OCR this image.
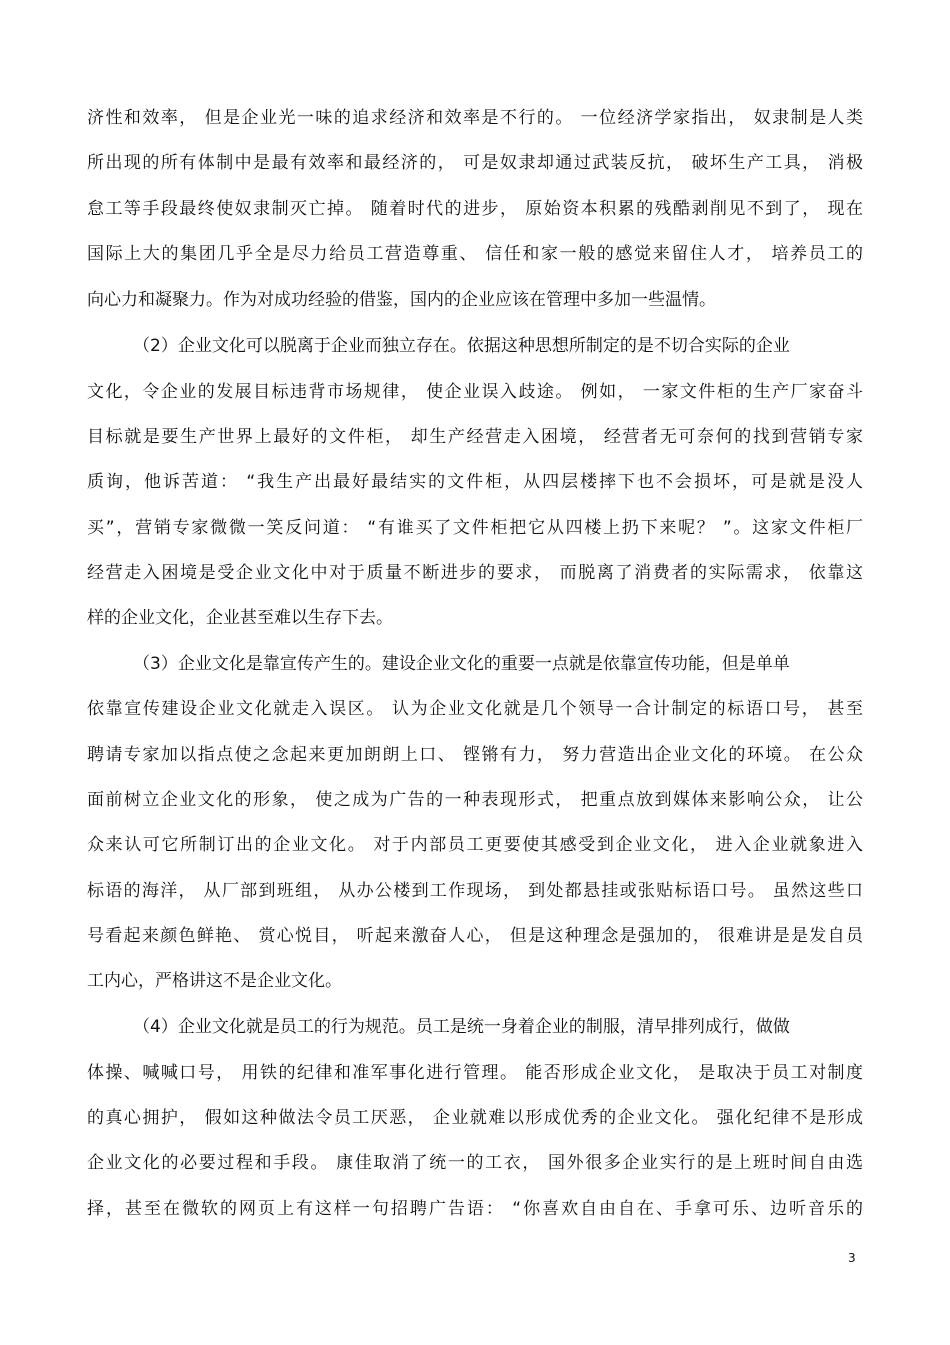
济性和效率， 但是企业光一味的追求经济和效率是不行的。 一位经济学家指出， 奴隶制是人类
所出现的所有体制中是最有效率和最经济的， 可是奴隶却通过武装反抗， 破坏生产工具， 消极
怠工等手段最终使奴隶制灭亡掉。 随着时代的进步， 原始资本积累的残酷剥削见不到了， 现在
国际上大的集团几乎全是尽力给员工营造尊重、 信任和家一般的感觉来留住人才， 培养员工的
向心力和凝聚力。作为对成功经验的借鉴，国内的企业应该在管理中多加一些温情。
（2）企业文化可以脱离于企业而独立存在。依据这种思想所制定的是不切合实际的企业
文化，令企业的发展目标违背市场规律， 使企业误入歧途。 例如， 一家文件柜的生产厂家奋斗
目标就是要生产世界上最好的文件柜， 却生产经营走入困境， 经营者无可奈何的找到营销专家
质询，他诉苦道： “我生产出最好最结实的文件柜，从四层楼摔下也不会损坏，可是就是没人
买”，营销专家微微一笑反问道： “有谁买了文件柜把它从四楼上扔下来呢？ ”。这家文件柜厂
经营走入困境是受企业文化中对于质量不断进步的要求， 而脱离了消费者的实际需求， 依靠这
样的企业文化，企业甚至难以生存下去。
（3）企业文化是靠宣传产生的。建设企业文化的重要一点就是依靠宣传功能，但是单单
依靠宣传建设企业文化就走入误区。 认为企业文化就是几个领导一合计制定的标语口号， 甚至
聘请专家加以指点使之念起来更加朗朗上口、 铿锵有力， 努力营造出企业文化的环境。 在公众
面前树立企业文化的形象， 使之成为广告的一种表现形式， 把重点放到媒体来影响公众， 让公
众来认可它所制订出的企业文化。 对于内部员工更要使其感受到企业文化， 进入企业就象进入
标语的海洋， 从厂部到班组， 从办公楼到工作现场， 到处都悬挂或张贴标语口号。 虽然这些口
号看起来颜色鲜艳、 赏心悦目， 听起来激奋人心， 但是这种理念是强加的， 很难讲是是发自员
工内心，严格讲这不是企业文化。
（4）企业文化就是员工的行为规范。员工是统一身着企业的制服，清早排列成行，做做
体操、喊喊口号， 用铁的纪律和准军事化进行管理。 能否形成企业文化， 是取决于员工对制度
的真心拥护， 假如这种做法令员工厌恶， 企业就难以形成优秀的企业文化。 强化纪律不是形成
企业文化的必要过程和手段。 康佳取消了统一的工衣， 国外很多企业实行的是上班时间自由选
择，甚至在微软的网页上有这样一句招聘广告语： “你喜欢自由自在、手拿可乐、边听音乐的
3
